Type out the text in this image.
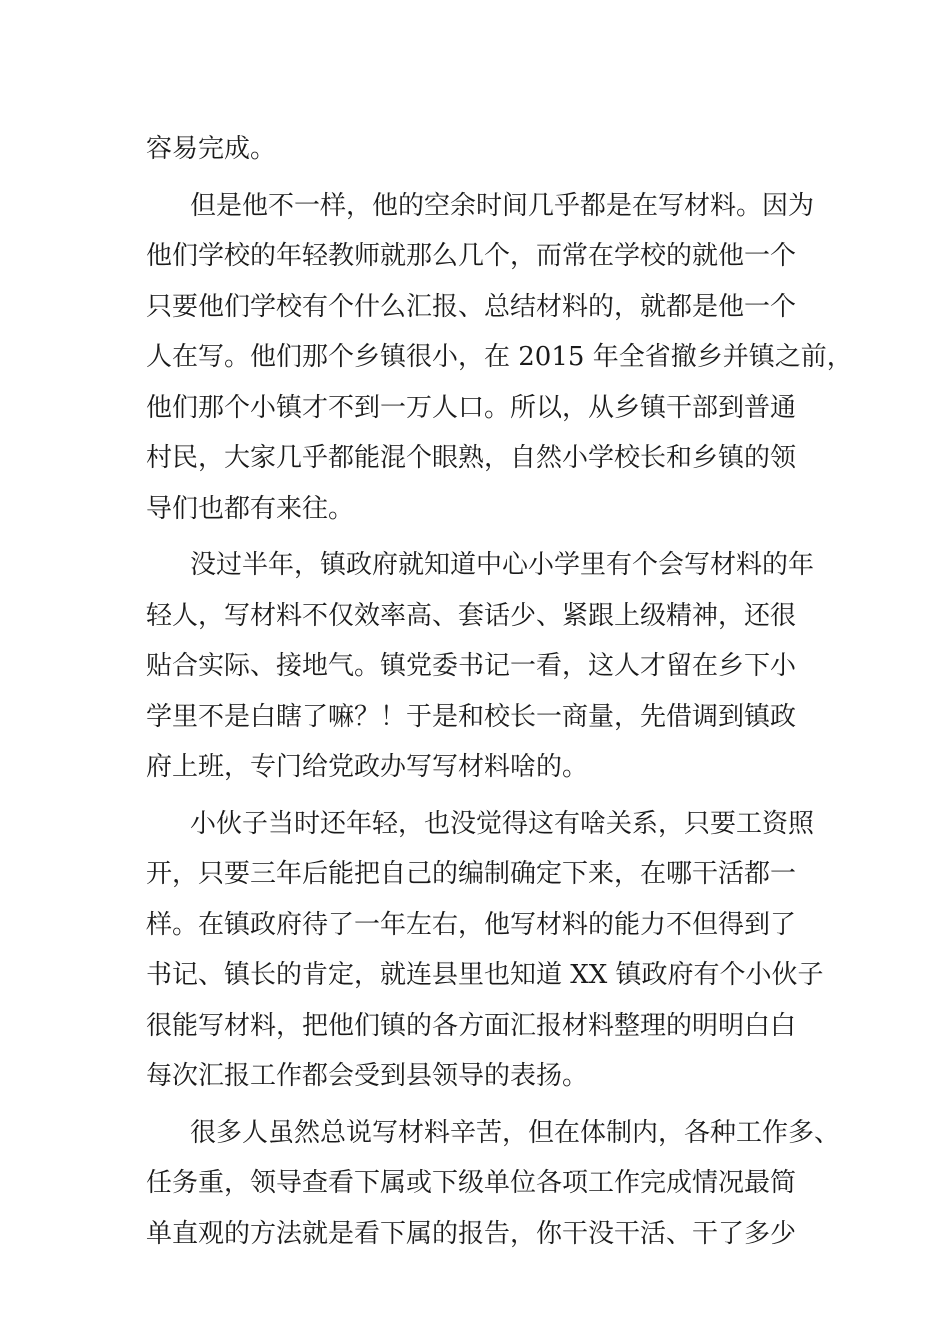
容易完成。
但是他不一样，他的空余时间几乎都是在写材料。因为
他们学校的年轻教师就那么几个，而常在学校的就他一个
只要他们学校有个什么汇报、总结材料的，就都是他一个
人在写。他们那个乡镇很小，在 2015 年全省撤乡并镇之前，
他们那个小镇才不到一万人口。所以，从乡镇干部到普通
村民，大家几乎都能混个眼熟，自然小学校长和乡镇的领
导们也都有来往。
没过半年，镇政府就知道中心小学里有个会写材料的年
轻人，写材料不仅效率高、套话少、紧跟上级精神，还很
贴合实际、接地气。镇党委书记一看，这人才留在乡下小
学里不是白瞎了嘛？！于是和校长一商量，先借调到镇政
府上班，专门给党政办写写材料啥的。
小伙子当时还年轻，也没觉得这有啥关系，只要工资照
开，只要三年后能把自己的编制确定下来，在哪干活都一
样。在镇政府待了一年左右，他写材料的能力不但得到了
书记、镇长的肯定，就连县里也知道 XX 镇政府有个小伙子
很能写材料，把他们镇的各方面汇报材料整理的明明白白
每次汇报工作都会受到县领导的表扬。
很多人虽然总说写材料辛苦，但在体制内，各种工作多、
任务重，领导查看下属或下级单位各项工作完成情况最简
单直观的方法就是看下属的报告，你干没干活、干了多少
